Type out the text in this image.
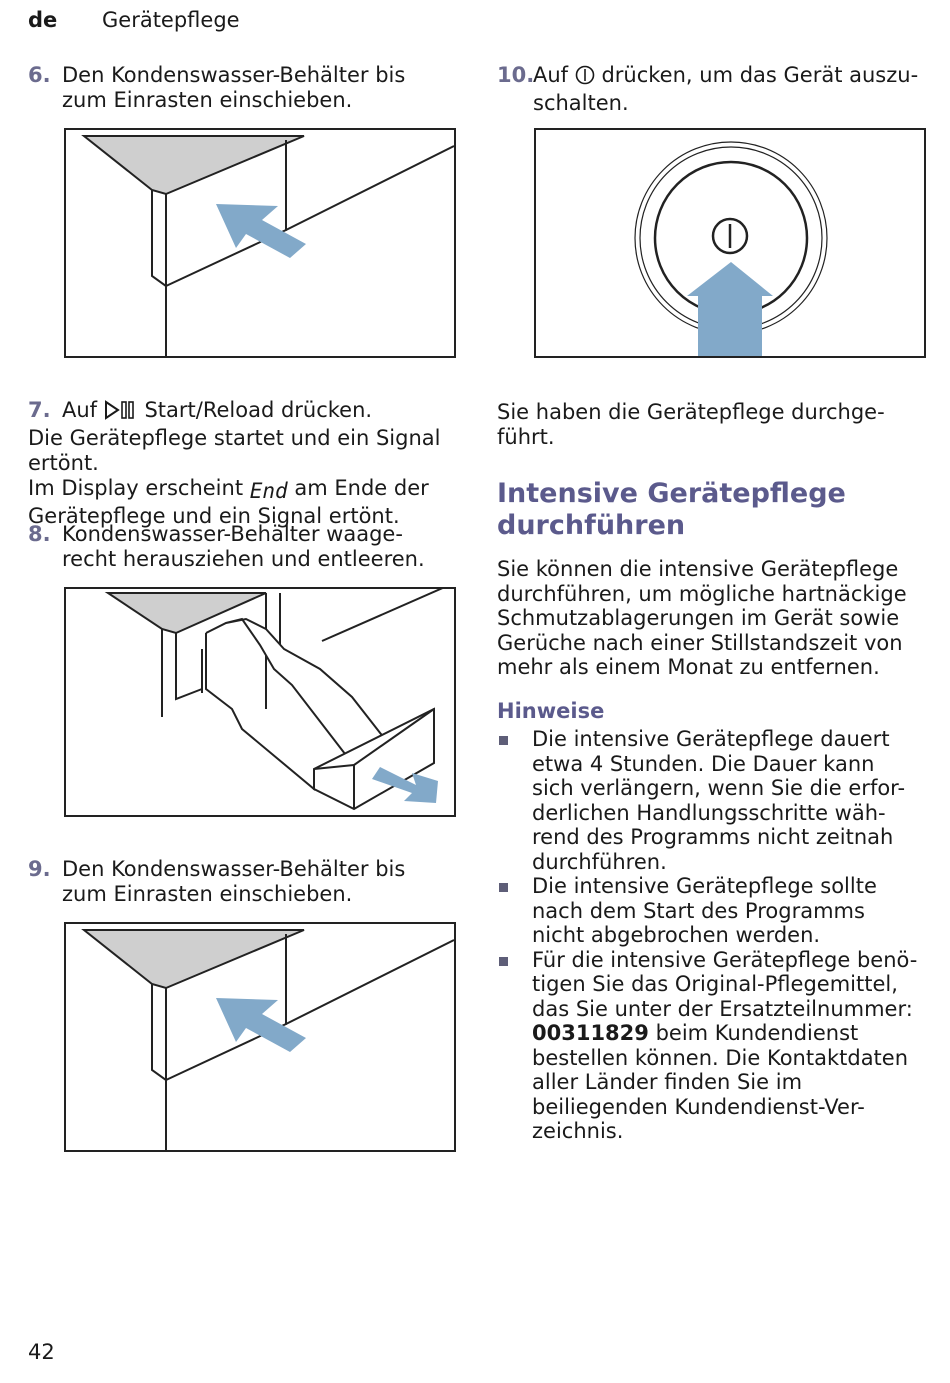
de Gerätepflege
6. Den Kondenswasser-Behälter bis zum Einrasten einschieben.
7. Auf Start/Reload drücken.
Die Gerätepflege startet und ein Signal ertönt.
Im Display erscheint End am Ende der Gerätepflege und ein Signal ertönt.
8. Kondenswasser-Behälter waage-recht herausziehen und entleeren.
9. Den Kondenswasser-Behälter bis zum Einrasten einschieben.
10.Auf drücken, um das Gerät auszu-schalten.
Sie haben die Gerätepflege durchge-führt.
Intensive Gerätepflege durchführen
Sie können die intensive Gerätepflege durchführen, um mögliche hartnäckige Schmutzablagerungen im Gerät sowie Gerüche nach einer Stillstandszeit von mehr als einem Monat zu entfernen.
Hinweise
Die intensive Gerätepflege dauert etwa 4 Stunden. Die Dauer kann sich verlängern, wenn Sie die erfor-derlichen Handlungsschritte wäh-rend des Programms nicht zeitnah durchführen.
Die intensive Gerätepflege sollte nach dem Start des Programms nicht abgebrochen werden.
Für die intensive Gerätepflege benö-tigen Sie das Original-Pflegemittel, das Sie unter der Ersatzteilnummer: 00311829 beim Kundendienst bestellen können. Die Kontaktdaten aller Länder finden Sie im beiliegenden Kundendienst-Ver-zeichnis.
42
